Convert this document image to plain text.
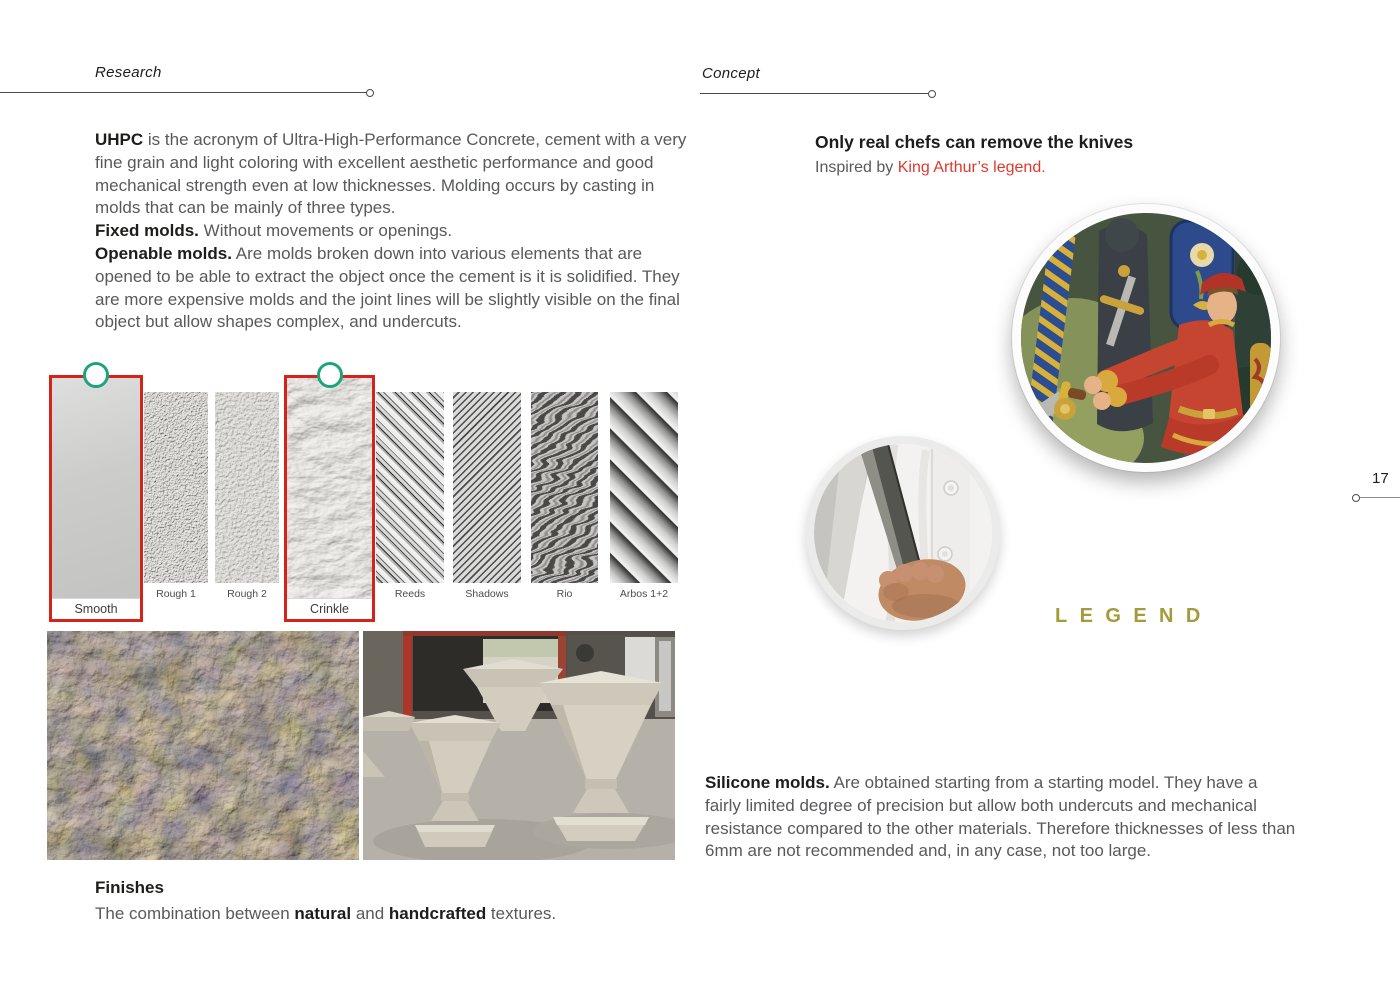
Research	Concept
17
UHPC is the acronym of Ultra-High-Performance Concrete, cement with a very fine grain and light coloring with excellent aesthetic performance and good mechanical strength even at low thicknesses. Molding occurs by casting in molds that can be mainly of three types.
Fixed molds. Without movements or openings.
Openable molds. Are molds broken down into various elements that are opened to be able to extract the object once the cement is it is solidified. They are more expensive molds and the joint lines will be slightly visible on the final object but allow shapes complex, and undercuts.
Smooth
Rough 1	Rough 2
Crinkle
Reeds	Shadows	Rio	Arbos 1+2
Finishes
The combination between natural and handcrafted textures.
Only real chefs can remove the knives
Inspired by King Arthur’s legend.
LEGEND
Silicone molds. Are obtained starting from a starting model. They have a fairly limited degree of precision but allow both undercuts and mechanical resistance compared to the other materials. Therefore thicknesses of less than 6mm are not recommended and, in any case, not too large.
